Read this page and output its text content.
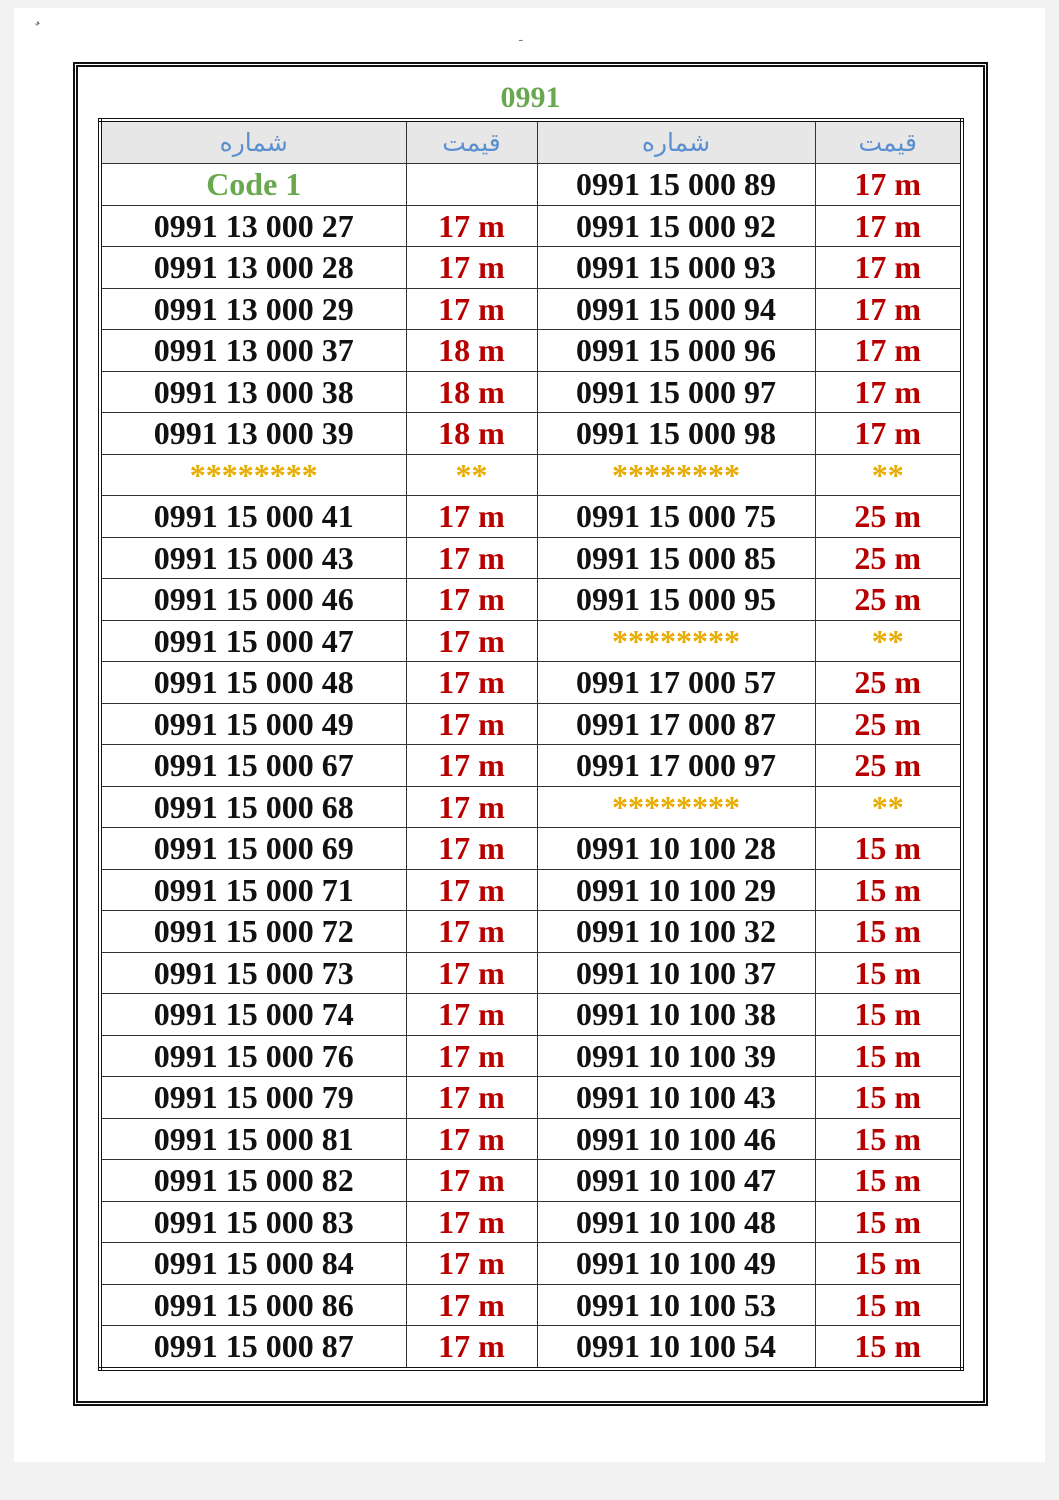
ـ
0991
شماره	قیمت	شماره	قیمت
Code 1		0991 15 000 89	17 m
0991 13 000 27	17 m	0991 15 000 92	17 m
0991 13 000 28	17 m	0991 15 000 93	17 m
0991 13 000 29	17 m	0991 15 000 94	17 m
0991 13 000 37	18 m	0991 15 000 96	17 m
0991 13 000 38	18 m	0991 15 000 97	17 m
0991 13 000 39	18 m	0991 15 000 98	17 m
********	**	********	**
0991 15 000 41	17 m	0991 15 000 75	25 m
0991 15 000 43	17 m	0991 15 000 85	25 m
0991 15 000 46	17 m	0991 15 000 95	25 m
0991 15 000 47	17 m	********	**
0991 15 000 48	17 m	0991 17 000 57	25 m
0991 15 000 49	17 m	0991 17 000 87	25 m
0991 15 000 67	17 m	0991 17 000 97	25 m
0991 15 000 68	17 m	********	**
0991 15 000 69	17 m	0991 10 100 28	15 m
0991 15 000 71	17 m	0991 10 100 29	15 m
0991 15 000 72	17 m	0991 10 100 32	15 m
0991 15 000 73	17 m	0991 10 100 37	15 m
0991 15 000 74	17 m	0991 10 100 38	15 m
0991 15 000 76	17 m	0991 10 100 39	15 m
0991 15 000 79	17 m	0991 10 100 43	15 m
0991 15 000 81	17 m	0991 10 100 46	15 m
0991 15 000 82	17 m	0991 10 100 47	15 m
0991 15 000 83	17 m	0991 10 100 48	15 m
0991 15 000 84	17 m	0991 10 100 49	15 m
0991 15 000 86	17 m	0991 10 100 53	15 m
0991 15 000 87	17 m	0991 10 100 54	15 m
